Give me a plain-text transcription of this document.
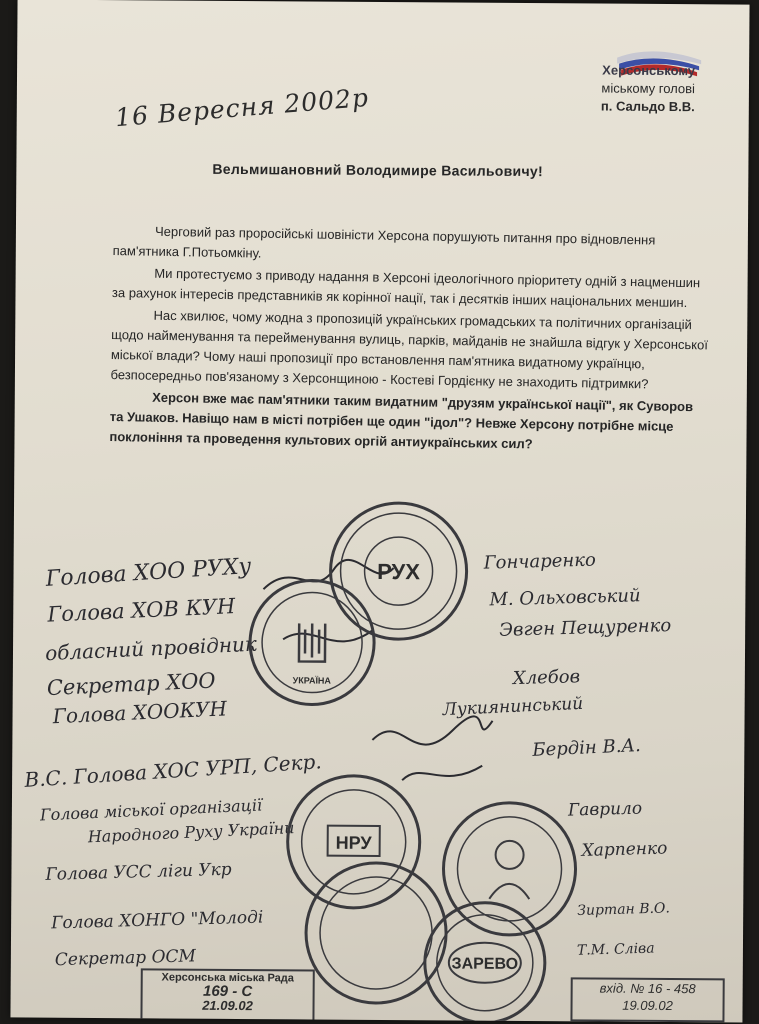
Херсонському
міському голові
п. Сальдо В.В.
16 Вересня 2002р
Вельмишановний Володимире Васильовичу!

Черговий раз проросійські шовіністи Херсона порушують питання про відновлення пам'ятника Г.Потьомкіну.

Ми протестуємо з приводу надання в Херсоні ідеологічного пріоритету одній з нацменшин за рахунок інтересів представників як корінної нації, так і десятків інших національних меншин.

Нас хвилює, чому жодна з пропозицій українських громадських та політичних організацій щодо найменування та перейменування вулиць, парків, майданів не знайшла відгук у Херсонської міської влади? Чому наші пропозиції про встановлення пам'ятника видатному українцю, безпосередньо пов'язаному з Херсонщиною - Костеві Гордієнку не знаходить підтримки?

Херсон вже має пам'ятники таким видатним "друзям української нації", як Суворов та Ушаков. Навіщо нам в місті потрібен ще один "ідол"? Невже Херсону потрібне місце поклоніння та проведення культових оргій антиукраїнських сил?

Голова ХОО РУХу
Голова ХОВ КУН
обласний провідник
Секретар ХОО
Голова ХООКУН
В.С. Голова ХОС УРП, Секр.
Голова міської організації
Народного Руху України
Голова УСС ліги Укр
Голова ХОНГО "Молоді
Секретар ОСМ
Гончаренко
М. Ольховський
Эвген Пещуренко
Хлебов
Лукиянинський
Бердін В.А.
Гаврило
Харпенко
Зиртан В.О.
Т.М. Сліва
РУХ
УКРАЇНА
НРУ
ЗАРЕВО
Херсонська міська Рада
169 - С
21.09.02
вхід. № 16 - 458
19.09.02
